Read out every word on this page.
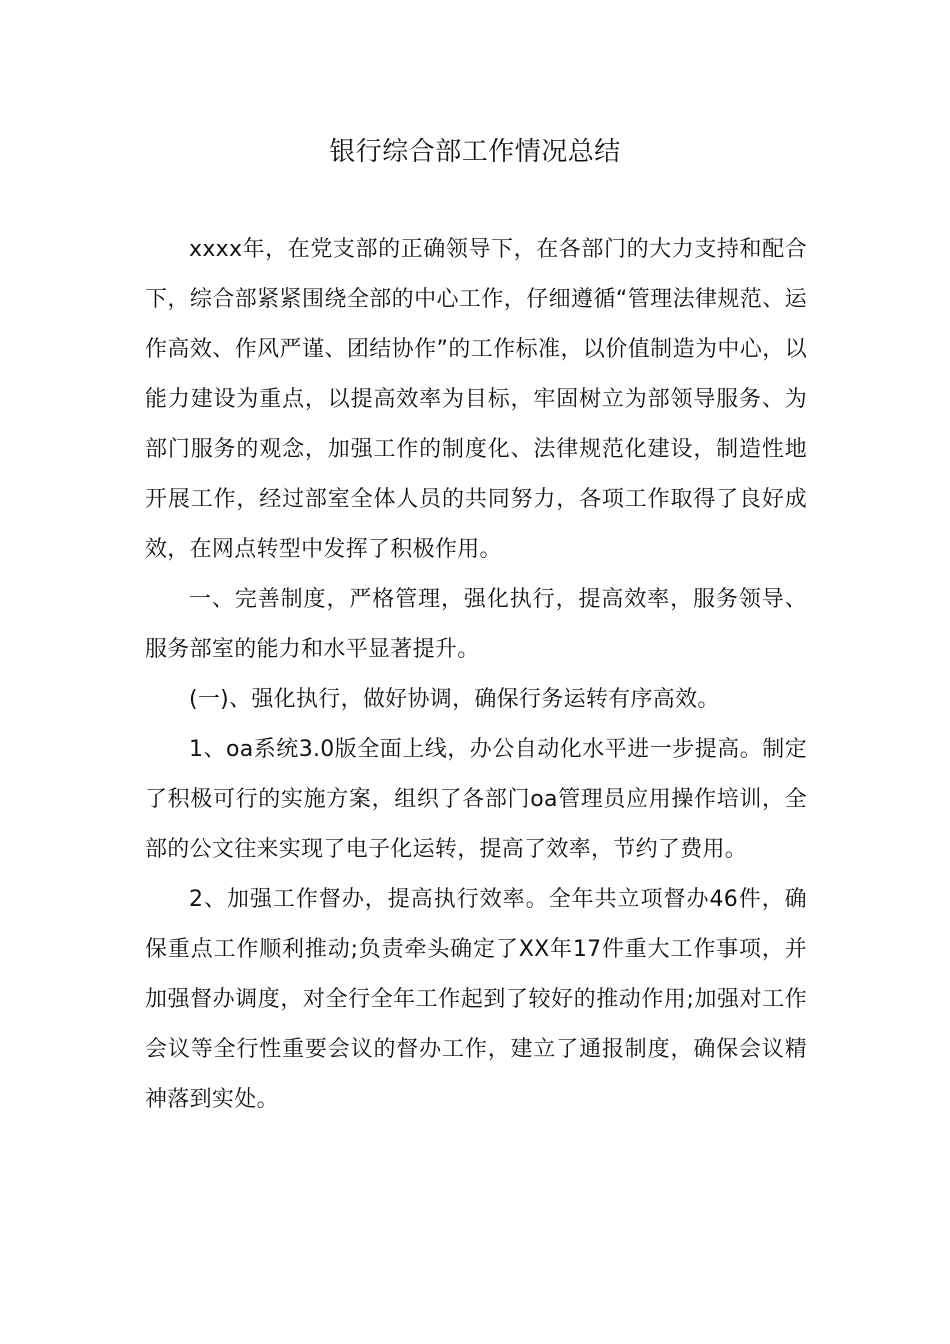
银行综合部工作情况总结

xxxx年，在党支部的正确领导下，在各部门的大力支持和配合下，综合部紧紧围绕全部的中心工作，仔细遵循“管理法律规范、运作高效、作风严谨、团结协作”的工作标准，以价值制造为中心，以能力建设为重点，以提高效率为目标，牢固树立为部领导服务、为部门服务的观念，加强工作的制度化、法律规范化建设，制造性地开展工作，经过部室全体人员的共同努力，各项工作取得了良好成效，在网点转型中发挥了积极作用。

一、完善制度，严格管理，强化执行，提高效率，服务领导、服务部室的能力和水平显著提升。

(一)、强化执行，做好协调，确保行务运转有序高效。

1、oa系统3.0版全面上线，办公自动化水平进一步提高。制定了积极可行的实施方案，组织了各部门oa管理员应用操作培训，全部的公文往来实现了电子化运转，提高了效率，节约了费用。

2、加强工作督办，提高执行效率。全年共立项督办46件，确保重点工作顺利推动;负责牵头确定了XX年17件重大工作事项，并加强督办调度，对全行全年工作起到了较好的推动作用;加强对工作会议等全行性重要会议的督办工作，建立了通报制度，确保会议精神落到实处。
